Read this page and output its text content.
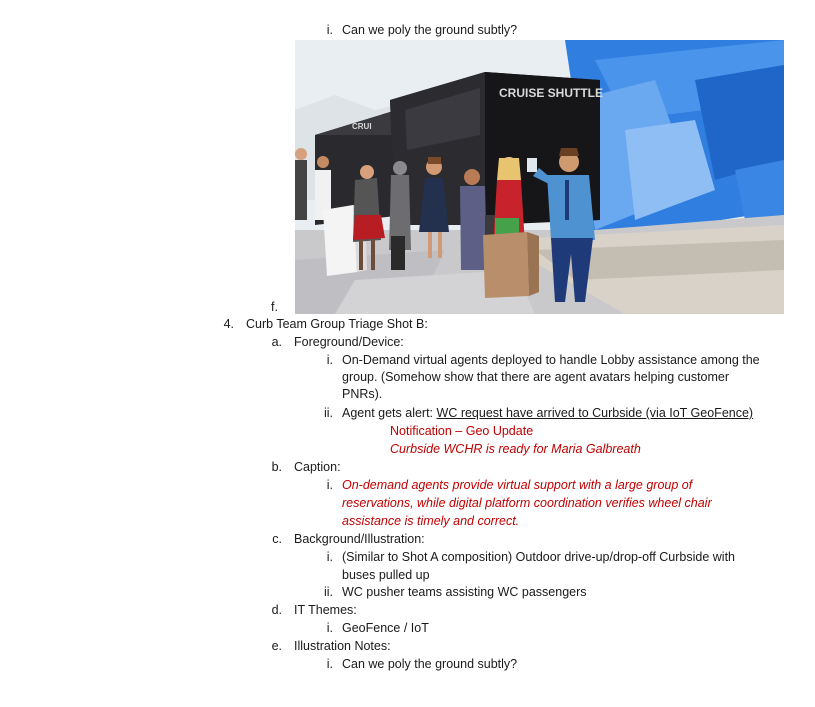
i. Can we poly the ground subtly?
CRUI
CRUISE SHUTTLE
f.
4. Curb Team Group Triage Shot B:
a. Foreground/Device:
i. On-Demand virtual agents deployed to handle Lobby assistance among the
group. (Somehow show that there are agent avatars helping customer
PNRs).
ii. Agent gets alert: WC request have arrived to Curbside (via IoT GeoFence)
Notification – Geo Update
Curbside WCHR is ready for Maria Galbreath
b. Caption:
i. On-demand agents provide virtual support with a large group of
reservations, while digital platform coordination verifies wheel chair
assistance is timely and correct.
c. Background/Illustration:
i. (Similar to Shot A composition) Outdoor drive-up/drop-off Curbside with
buses pulled up
ii. WC pusher teams assisting WC passengers
d. IT Themes:
i. GeoFence / IoT
e. Illustration Notes:
i. Can we poly the ground subtly?
